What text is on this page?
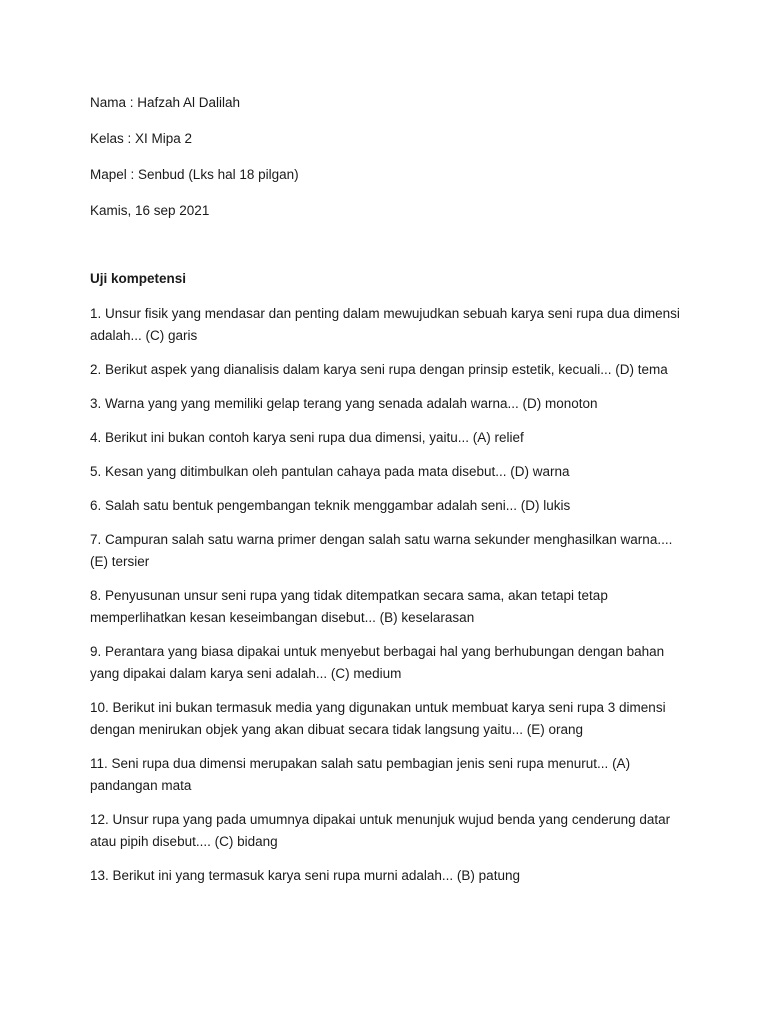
Nama : Hafzah Al Dalilah
Kelas : XI Mipa 2
Mapel : Senbud (Lks hal 18 pilgan)
Kamis, 16 sep 2021
Uji kompetensi
1. Unsur fisik yang mendasar dan penting dalam mewujudkan sebuah karya seni rupa dua dimensi adalah... (C) garis
2. Berikut aspek yang dianalisis dalam karya seni rupa dengan prinsip estetik, kecuali... (D) tema
3. Warna yang yang memiliki gelap terang yang senada adalah warna... (D) monoton
4. Berikut ini bukan contoh karya seni rupa dua dimensi, yaitu... (A) relief
5. Kesan yang ditimbulkan oleh pantulan cahaya pada mata disebut... (D) warna
6. Salah satu bentuk pengembangan teknik menggambar adalah seni... (D) lukis
7. Campuran salah satu warna primer dengan salah satu warna sekunder menghasilkan warna.... (E) tersier
8. Penyusunan unsur seni rupa yang tidak ditempatkan secara sama, akan tetapi tetap memperlihatkan kesan keseimbangan disebut... (B) keselarasan
9. Perantara yang biasa dipakai untuk menyebut berbagai hal yang berhubungan dengan bahan yang dipakai dalam karya seni adalah... (C) medium
10. Berikut ini bukan termasuk media yang digunakan untuk membuat karya seni rupa 3 dimensi dengan menirukan objek yang akan dibuat secara tidak langsung yaitu... (E) orang
11. Seni rupa dua dimensi merupakan salah satu pembagian jenis seni rupa menurut... (A) pandangan mata
12. Unsur rupa yang pada umumnya dipakai untuk menunjuk wujud benda yang cenderung datar atau pipih disebut.... (C) bidang
13. Berikut ini yang termasuk karya seni rupa murni adalah... (B) patung
